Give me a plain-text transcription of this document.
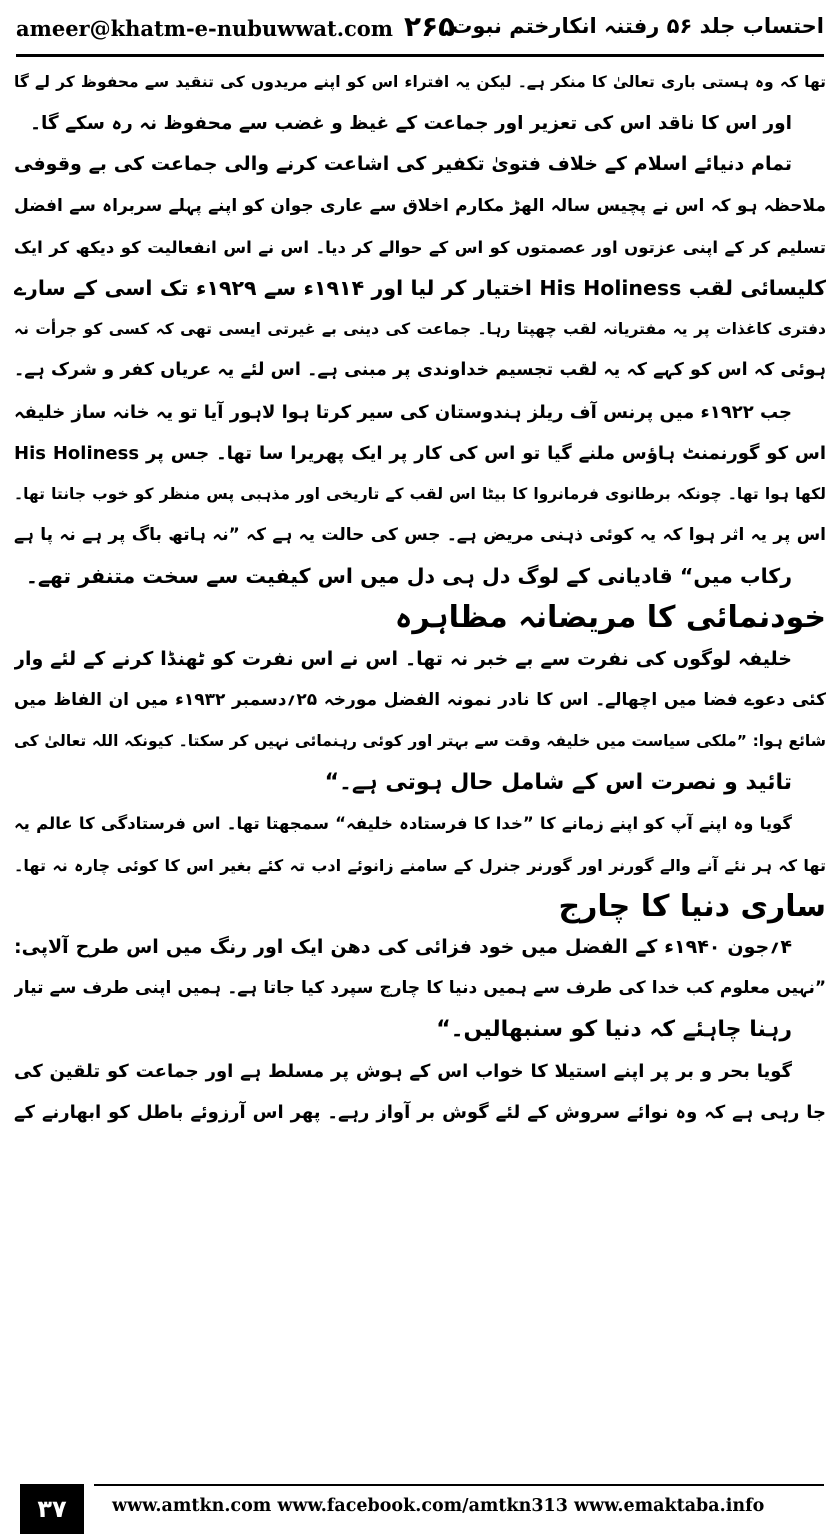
ameer@khatm-e-nubuwwat.com ۲۶۵
احتساب جلد ۵۶ رفتنہ انکارختم نبوت
تھا کہ وہ ہستی باری تعالیٰ کا منکر ہے۔ لیکن یہ افتراء اس کو اپنے مریدوں کی تنقید سے محفوظ کر لے گا
اور اس کا ناقد اس کی تعزیر اور جماعت کے غیظ و غضب سے محفوظ نہ رہ سکے گا۔
تمام دنیائے اسلام کے خلاف فتویٰ تکفیر کی اشاعت کرنے والی جماعت کی بے وقوفی
ملاحظہ ہو کہ اس نے پچیس سالہ الھڑ مکارم اخلاق سے عاری جوان کو اپنے پہلے سربراہ سے افضل
تسلیم کر کے اپنی عزتوں اور عصمتوں کو اس کے حوالے کر دیا۔ اس نے اس انفعالیت کو دیکھ کر ایک
کلیسائی لقب His Holiness اختیار کر لیا اور ۱۹۱۴ء سے ۱۹۲۹ء تک اسی کے سارے
دفتری کاغذات پر یہ مفتریانہ لقب چھپتا رہا۔ جماعت کی دینی بے غیرتی ایسی تھی کہ کسی کو جرأت نہ
ہوئی کہ اس کو کہے کہ یہ لقب تجسیم خداوندی پر مبنی ہے۔ اس لئے یہ عریاں کفر و شرک ہے۔
جب ۱۹۲۲ء میں پرنس آف ریلز ہندوستان کی سیر کرتا ہوا لاہور آیا تو یہ خانہ ساز خلیفہ
اس کو گورنمنٹ ہاؤس ملنے گیا تو اس کی کار پر ایک پھریرا سا تھا۔ جس پر His Holiness
لکھا ہوا تھا۔ چونکہ برطانوی فرمانروا کا بیٹا اس لقب کے تاریخی اور مذہبی پس منظر کو خوب جانتا تھا۔
اس پر یہ اثر ہوا کہ یہ کوئی ذہنی مریض ہے۔ جس کی حالت یہ ہے کہ ”نہ ہاتھ باگ پر ہے نہ پا ہے
رکاب میں“ قادیانی کے لوگ دل ہی دل میں اس کیفیت سے سخت متنفر تھے۔
خودنمائی کا مریضانہ مظاہرہ
خلیفہ لوگوں کی نفرت سے بے خبر نہ تھا۔ اس نے اس نفرت کو ٹھنڈا کرنے کے لئے وار
کئی دعوے فضا میں اچھالے۔ اس کا نادر نمونہ الفضل مورخہ ۲۵؍دسمبر ۱۹۳۲ء میں ان الفاظ میں
شائع ہوا: ”ملکی سیاست میں خلیفہ وقت سے بہتر اور کوئی رہنمائی نہیں کر سکتا۔ کیونکہ اللہ تعالیٰ کی
تائید و نصرت اس کے شامل حال ہوتی ہے۔“
گویا وہ اپنے آپ کو اپنے زمانے کا ”خدا کا فرستادہ خلیفہ“ سمجھتا تھا۔ اس فرستادگی کا عالم یہ
تھا کہ ہر نئے آنے والے گورنر اور گورنر جنرل کے سامنے زانوئے ادب تہ کئے بغیر اس کا کوئی چارہ نہ تھا۔
ساری دنیا کا چارج
۴؍جون ۱۹۴۰ء کے الفضل میں خود فزائی کی دھن ایک اور رنگ میں اس طرح آلاپی:
”نہیں معلوم کب خدا کی طرف سے ہمیں دنیا کا چارج سپرد کیا جاتا ہے۔ ہمیں اپنی طرف سے تیار
رہنا چاہئے کہ دنیا کو سنبھالیں۔“
گویا بحر و بر پر اپنے استیلا کا خواب اس کے ہوش پر مسلط ہے اور جماعت کو تلقین کی
جا رہی ہے کہ وہ نوائے سروش کے لئے گوش بر آواز رہے۔ پھر اس آرزوئے باطل کو ابھارنے کے
۳۷	www.amtkn.com www.facebook.com/amtkn313 www.emaktaba.info
